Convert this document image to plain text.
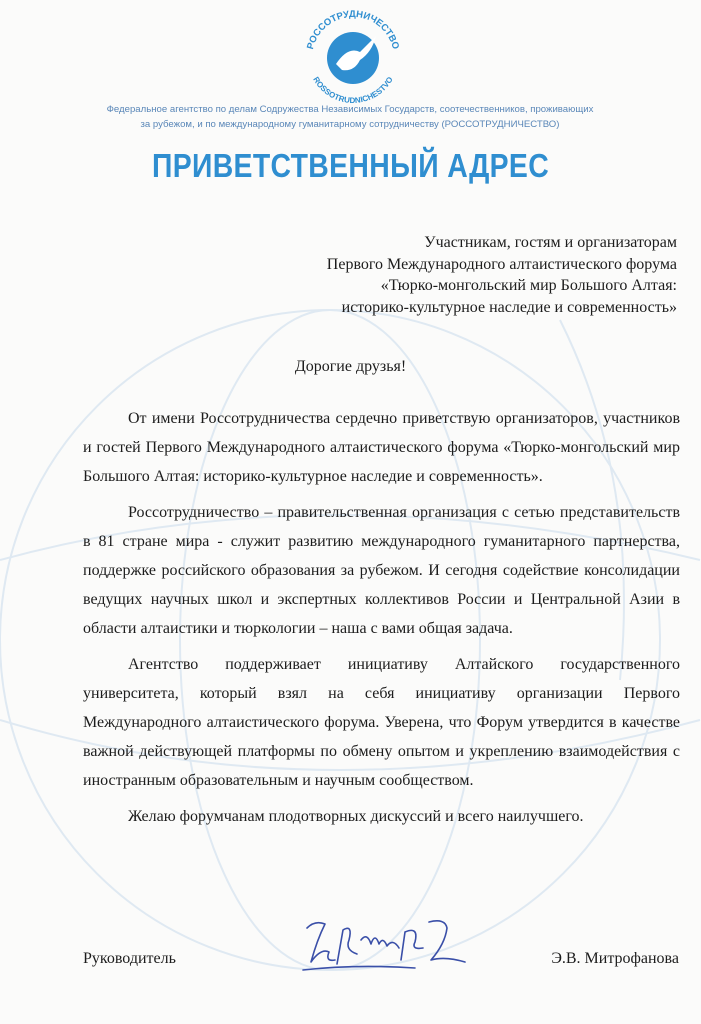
РОССОТРУДНИЧЕСТВО
ROSSOTRUDNICHESTVO
Федеральное агентство по делам Содружества Независимых Государств, соотечественников, проживающих
за рубежом, и по международному гуманитарному сотрудничеству (РОССОТРУДНИЧЕСТВО)
ПРИВЕТСТВЕННЫЙ АДРЕС
Участникам, гостям и организаторам
Первого Международного алтаистического форума
«Тюрко-монгольский мир Большого Алтая:
историко-культурное наследие и современность»
Дорогие друзья!

От имени Россотрудничества сердечно приветствую организаторов, участников и гостей Первого Международного алтаистического форума «Тюрко-монгольский мир Большого Алтая: историко-культурное наследие и современность».

Россотрудничество – правительственная организация с сетью представительств в 81 стране мира - служит развитию международного гуманитарного партнерства, поддержке российского образования за рубежом. И сегодня содействие консолидации ведущих научных школ и экспертных коллективов России и Центральной Азии в области алтаистики и тюркологии – наша с вами общая задача.

Агентство поддерживает инициативу Алтайского государственного университета, который взял на себя инициативу организации Первого Международного алтаистического форума. Уверена, что Форум утвердится в качестве важной действующей платформы по обмену опытом и укреплению взаимодействия с иностранным образовательным и научным сообществом.

Желаю форумчанам плодотворных дискуссий и всего наилучшего.

Руководитель	Э.В. Митрофанова
